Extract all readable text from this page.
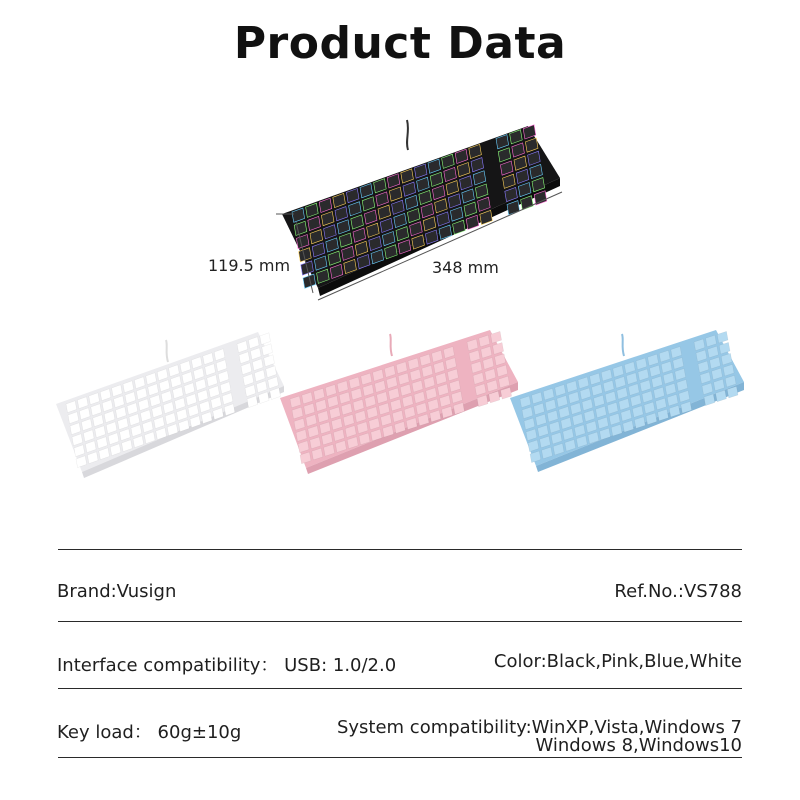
Product Data
119.5 mm	348 mm
Brand:Vusign	Ref.No.:VS788
Interface compatibility： USB: 1.0/2.0	Color:Black,Pink,Blue,White
Key load： 60g±10g	System compatibility:WinXP,Vista,Windows 7
Windows 8,Windows10
